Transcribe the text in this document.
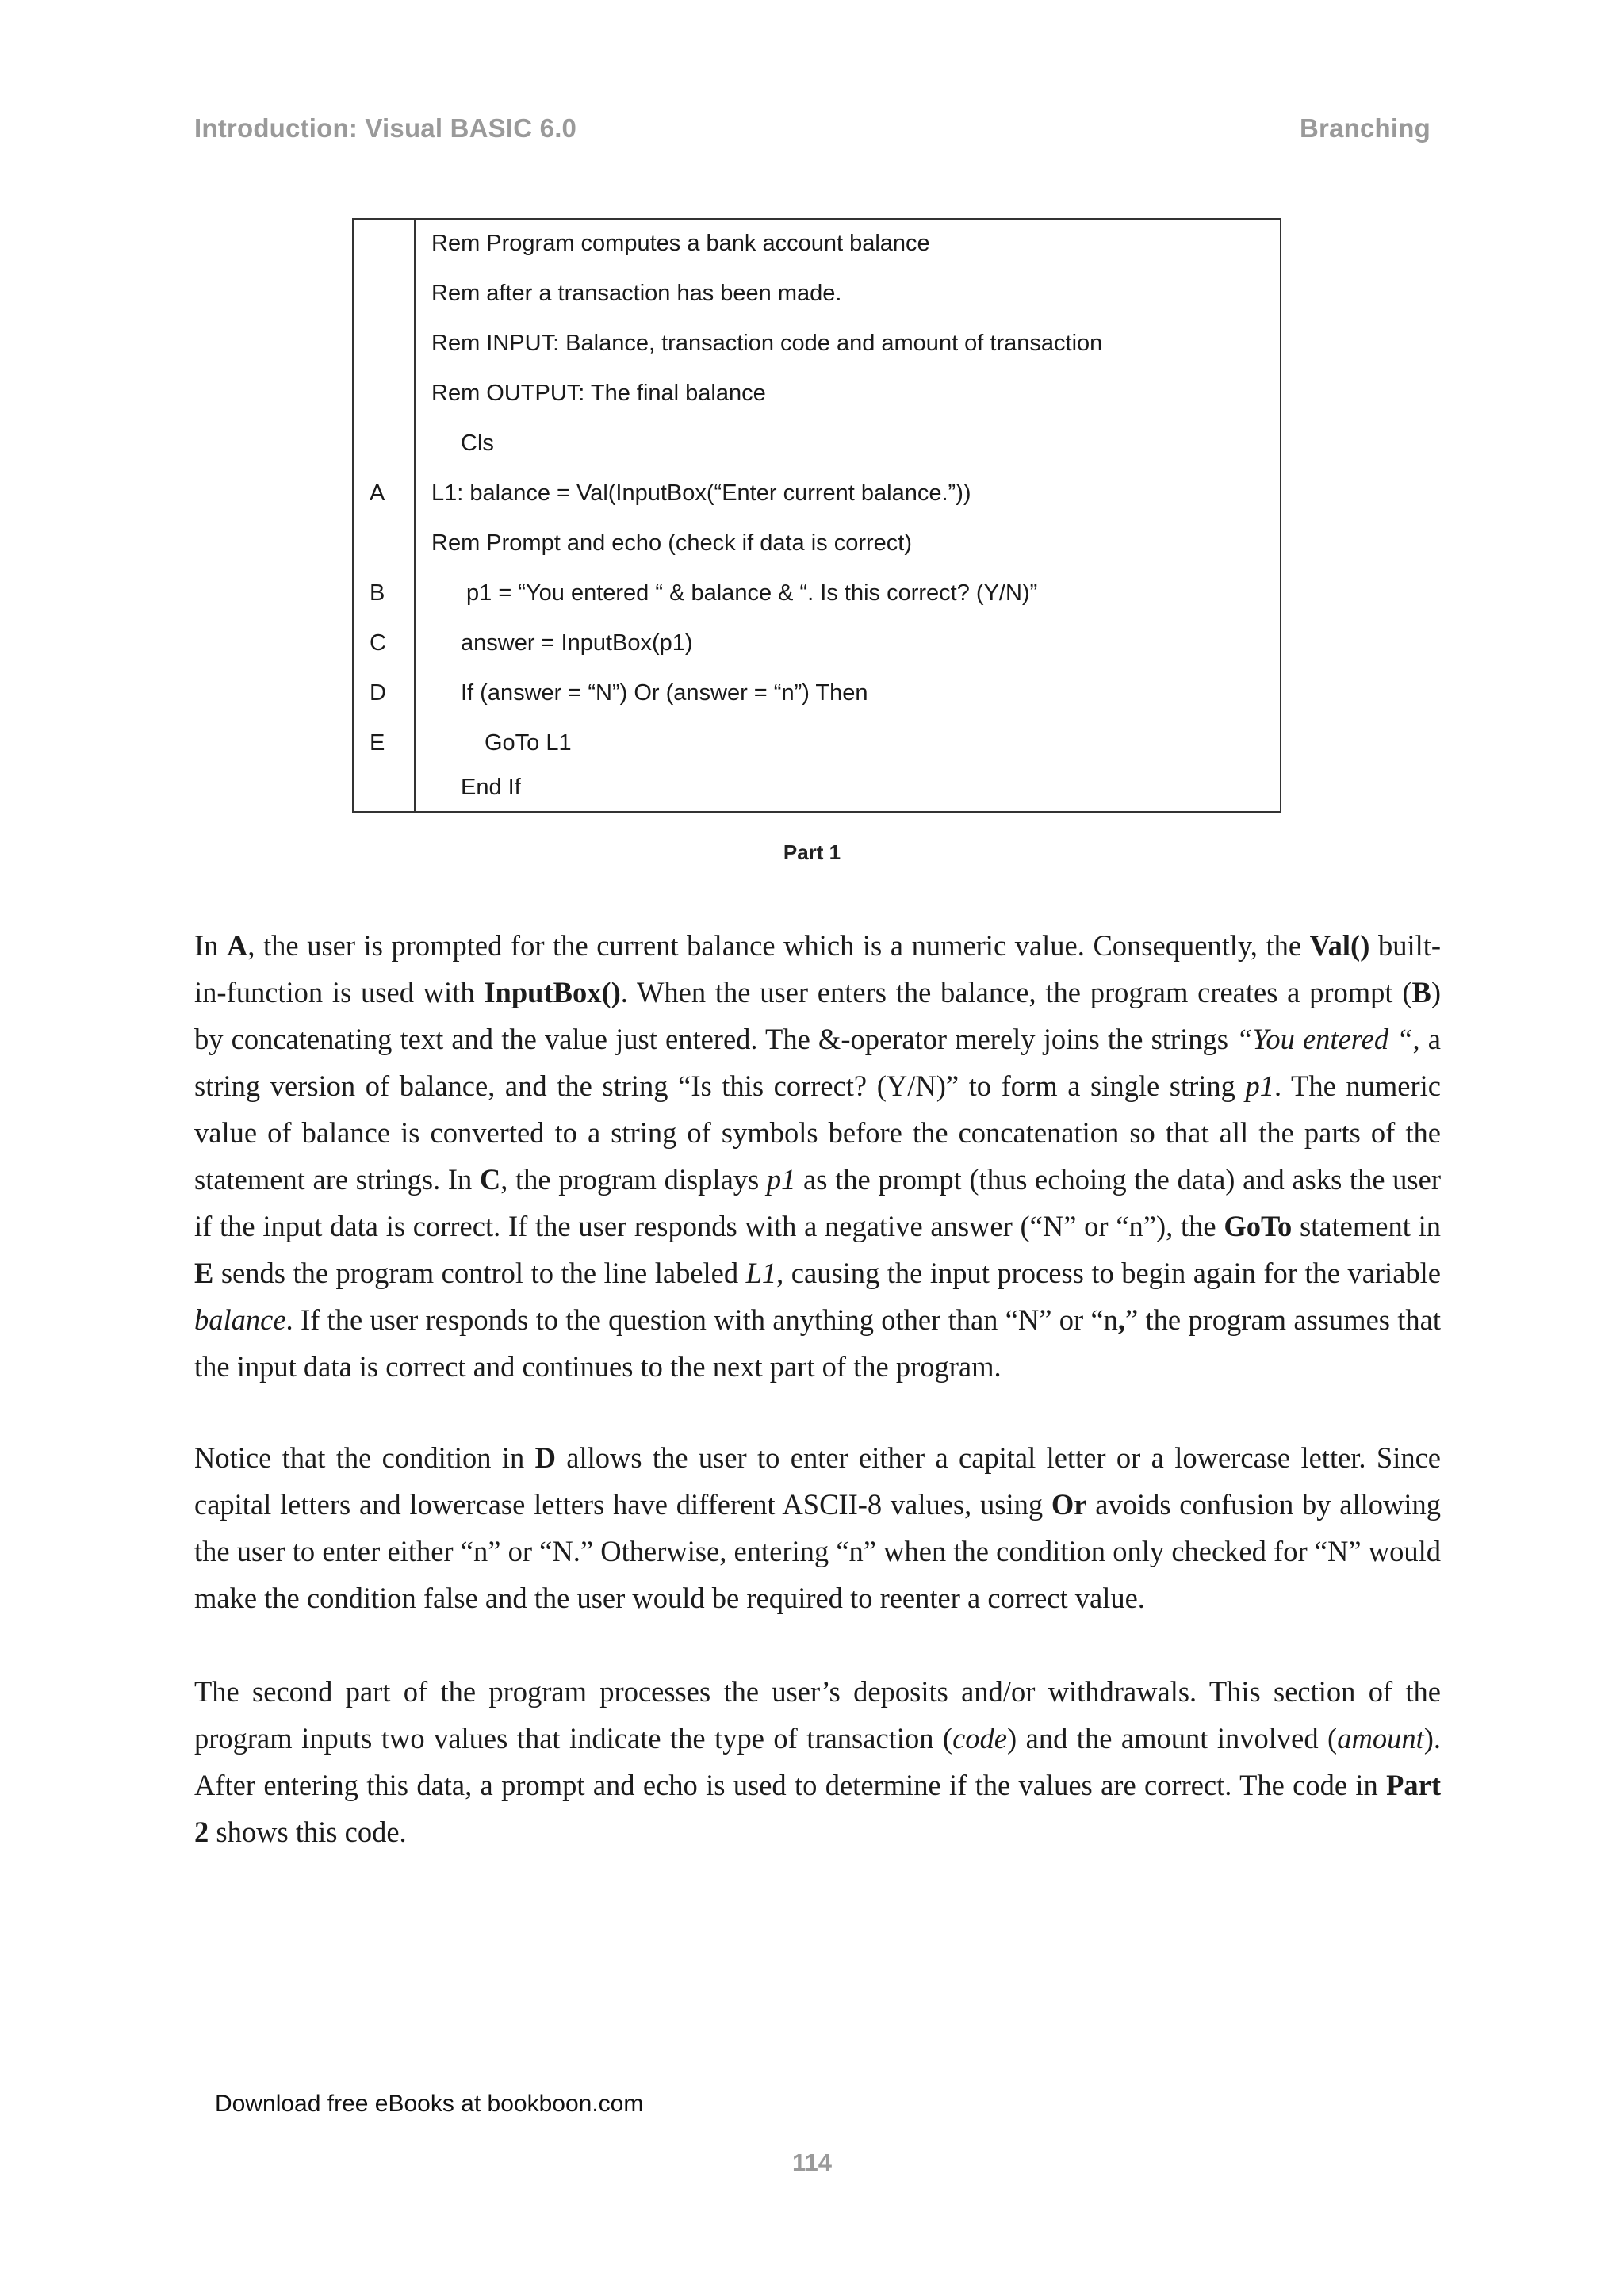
Introduction: Visual BASIC 6.0	Branching
Rem Program computes a bank account balance
Rem after a transaction has been made.
Rem INPUT: Balance, transaction code and amount of transaction
Rem OUTPUT: The final balance
Cls
A	L1: balance = Val(InputBox(“Enter current balance.”))
Rem Prompt and echo (check if data is correct)
B	p1 = “You entered “ & balance & “. Is this correct? (Y/N)”
C	answer = InputBox(p1)
D	If (answer = “N”) Or (answer = “n”) Then
E	GoTo L1
End If
Part 1

In A, the user is prompted for the current balance which is a numeric value. Consequently, the Val() built-in-function is used with InputBox(). When the user enters the balance, the program creates a prompt (B) by concatenating text and the value just entered. The &-operator merely joins the strings “You entered “, a string version of balance, and the string “Is this correct? (Y/N)” to form a single string p1. The numeric value of balance is converted to a string of symbols before the concatenation so that all the parts of the statement are strings. In C, the program displays p1 as the prompt (thus echoing the data) and asks the user if the input data is correct. If the user responds with a negative answer (“N” or “n”), the GoTo statement in E sends the program control to the line labeled L1, causing the input process to begin again for the variable balance. If the user responds to the question with anything other than “N” or “n,” the program assumes that the input data is correct and continues to the next part of the program.

Notice that the condition in D allows the user to enter either a capital letter or a lowercase letter. Since capital letters and lowercase letters have different ASCII-8 values, using Or avoids confusion by allowing the user to enter either “n” or “N.” Otherwise, entering “n” when the condition only checked for “N” would make the condition false and the user would be required to reenter a correct value.

The second part of the program processes the user’s deposits and/or withdrawals. This section of the program inputs two values that indicate the type of transaction (code) and the amount involved (amount). After entering this data, a prompt and echo is used to determine if the values are correct. The code in Part 2 shows this code.

Download free eBooks at bookboon.com
114
